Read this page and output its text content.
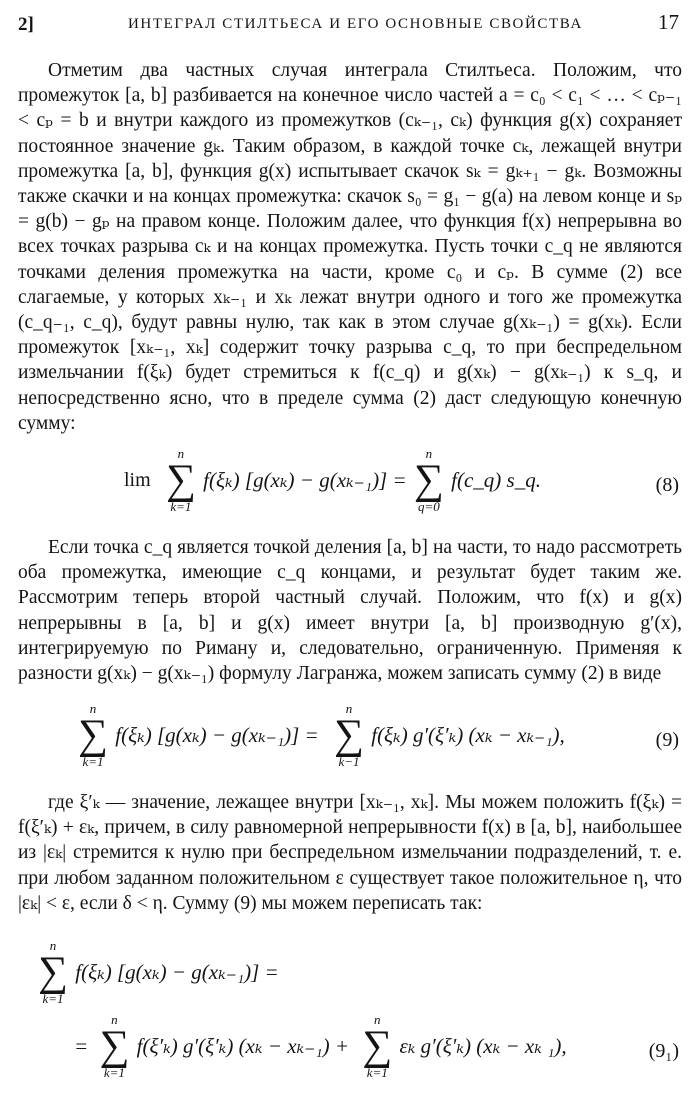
2]	ИНТЕГРАЛ СТИЛТЬЕСА И ЕГО ОСНОВНЫЕ СВОЙСТВА	17

Отметим два частных случая интеграла Стилтьеса. Положим, что промежуток [a, b] разбивается на конечное число частей a = c₀ < c₁ < … < cₚ₋₁ < cₚ = b и внутри каждого из промежутков (cₖ₋₁, cₖ) функция g(x) сохраняет постоянное значение gₖ. Таким образом, в каждой точке cₖ, лежащей внутри промежутка [a, b], функция g(x) испытывает скачок sₖ = gₖ₊₁ − gₖ. Возможны также скачки и на концах промежутка: скачок s₀ = g₁ − g(a) на левом конце и sₚ = g(b) − gₚ на правом конце. Положим далее, что функция f(x) непрерывна во всех точках разрыва cₖ и на концах промежутка. Пусть точки c_q не являются точками деления промежутка на части, кроме c₀ и cₚ. В сумме (2) все слагаемые, у которых xₖ₋₁ и xₖ лежат внутри одного и того же промежутка (c_q₋₁, c_q), будут равны нулю, так как в этом случае g(xₖ₋₁) = g(xₖ). Если промежуток [xₖ₋₁, xₖ] содержит точку разрыва c_q, то при беспредельном измельчании f(ξₖ) будет стремиться к f(c_q) и g(xₖ) − g(xₖ₋₁) к s_q, и непосредственно ясно, что в пределе сумма (2) даст следующую конечную сумму:

lim
n
∑
k=1
f(ξₖ) [g(xₖ) − g(xₖ₋₁)] =
n
∑
q=0
f(c_q) s_q.	(8)

Если точка c_q является точкой деления [a, b] на части, то надо рассмотреть оба промежутка, имеющие c_q концами, и результат будет таким же. Рассмотрим теперь второй частный случай. Положим, что f(x) и g(x) непрерывны в [a, b] и g(x) имеет внутри [a, b] производную g′(x), интегрируемую по Риману и, следовательно, ограниченную. Применяя к разности g(xₖ) − g(xₖ₋₁) формулу Лагранжа, можем записать сумму (2) в виде

n
∑
k=1
f(ξₖ) [g(xₖ) − g(xₖ₋₁)] =
n
∑
k−1
f(ξₖ) g′(ξ′ₖ) (xₖ − xₖ₋₁),	(9)

где ξ′ₖ — значение, лежащее внутри [xₖ₋₁, xₖ]. Мы можем положить f(ξₖ) = f(ξ′ₖ) + εₖ, причем, в силу равномерной непрерывности f(x) в [a, b], наибольшее из |εₖ| стремится к нулю при беспредельном измельчании подразделений, т. е. при любом заданном положительном ε существует такое положительное η, что |εₖ| < ε, если δ < η. Сумму (9) мы можем переписать так:

n
∑
k=1
f(ξₖ) [g(xₖ) − g(xₖ₋₁)] =
=
n
∑
k=1
f(ξ′ₖ) g′(ξ′ₖ) (xₖ − xₖ₋₁) +
n
∑
k=1
εₖ g′(ξ′ₖ) (xₖ − xₖ ₁),	(9₁)
